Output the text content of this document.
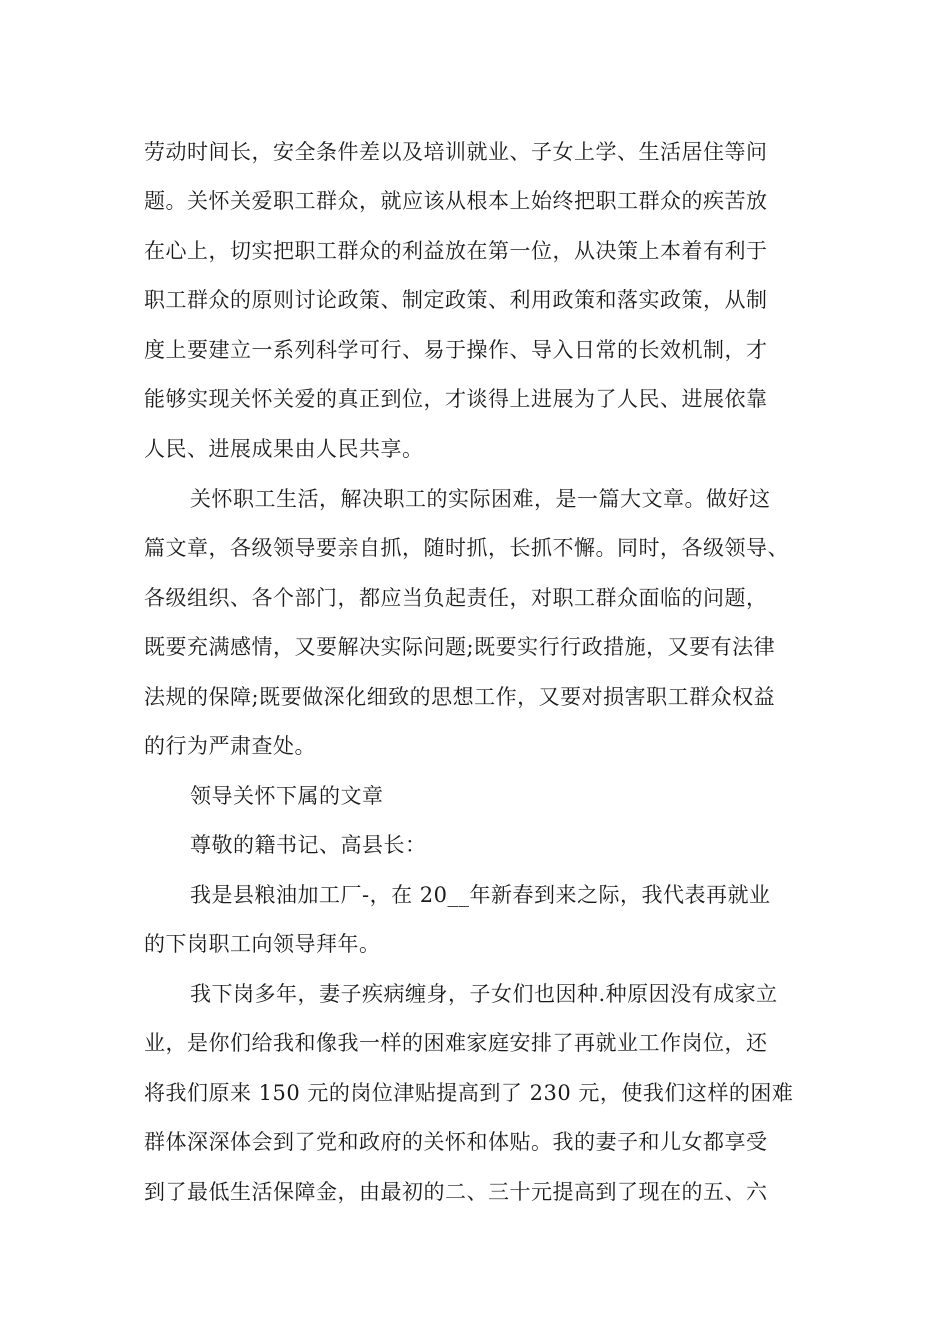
劳动时间长，安全条件差以及培训就业、子女上学、生活居住等问
题。关怀关爱职工群众，就应该从根本上始终把职工群众的疾苦放
在心上，切实把职工群众的利益放在第一位，从决策上本着有利于
职工群众的原则讨论政策、制定政策、利用政策和落实政策，从制
度上要建立一系列科学可行、易于操作、导入日常的长效机制，才
能够实现关怀关爱的真正到位，才谈得上进展为了人民、进展依靠
人民、进展成果由人民共享。
关怀职工生活，解决职工的实际困难，是一篇大文章。做好这
篇文章，各级领导要亲自抓，随时抓，长抓不懈。同时，各级领导、
各级组织、各个部门，都应当负起责任，对职工群众面临的问题，
既要充满感情，又要解决实际问题;既要实行行政措施，又要有法律
法规的保障;既要做深化细致的思想工作，又要对损害职工群众权益
的行为严肃查处。
领导关怀下属的文章
尊敬的籍书记、高县长：
我是县粮油加工厂-，在 20__年新春到来之际，我代表再就业
的下岗职工向领导拜年。
我下岗多年，妻子疾病缠身，子女们也因种.种原因没有成家立
业，是你们给我和像我一样的困难家庭安排了再就业工作岗位，还
将我们原来 150 元的岗位津贴提高到了 230 元，使我们这样的困难
群体深深体会到了党和政府的关怀和体贴。我的妻子和儿女都享受
到了最低生活保障金，由最初的二、三十元提高到了现在的五、六
